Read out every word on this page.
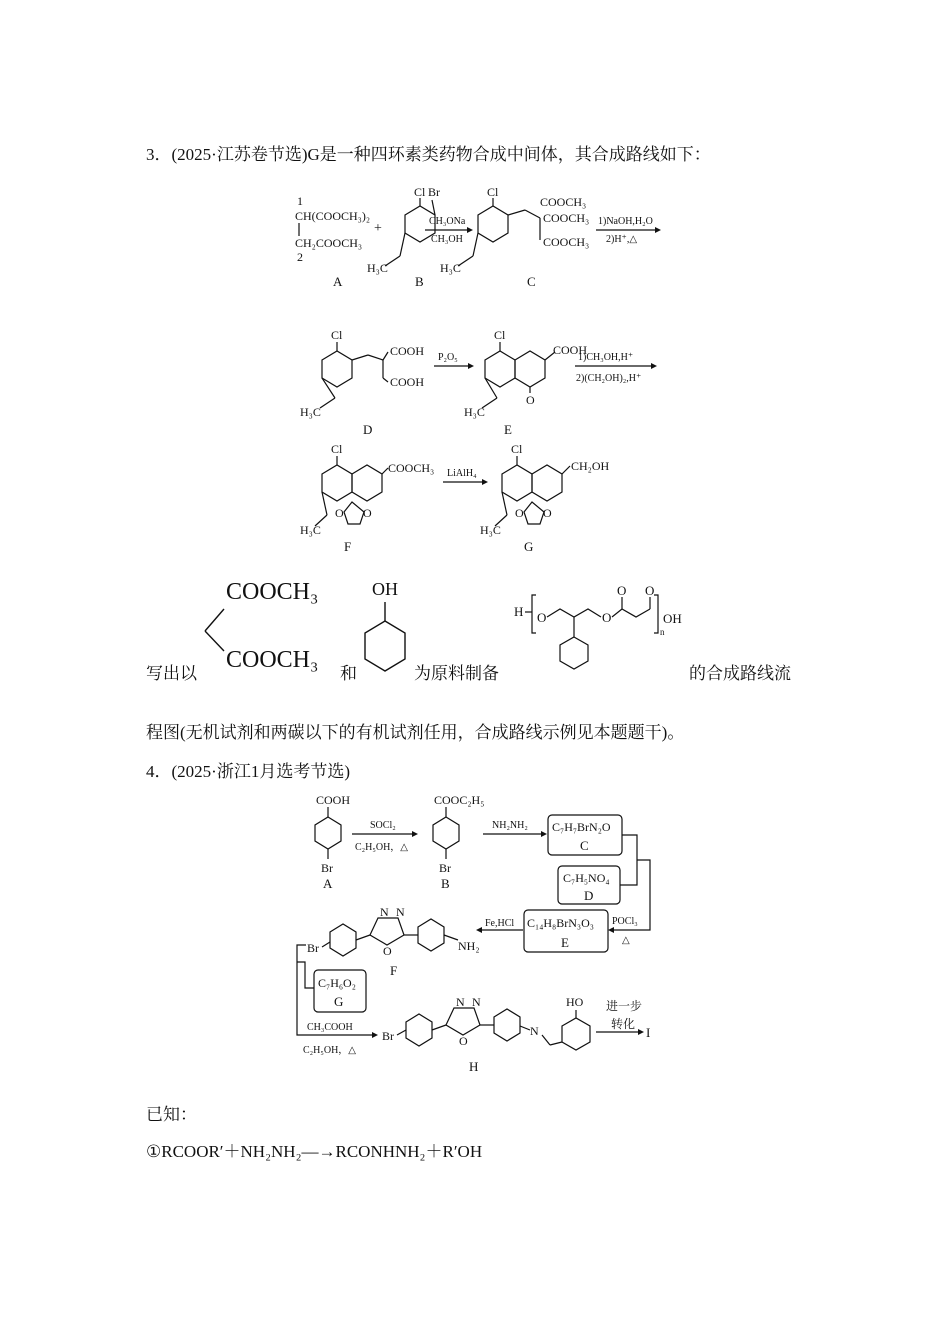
3．(2025·江苏卷节选)G是一种四环素类药物合成中间体，其合成路线如下：
1
CH(COOCH₃)₂
CH₂COOCH₃
2
A
+
Cl Br
H₃C
B
CH₃ONa
CH₃OH
Cl
COOCH₃
COOCH₃
COOCH₃
H₃C
C
1)NaOH,H₂O
2)H⁺,△
Cl
COOH
COOH
H₃C
D
P₂O₅
Cl
COOH
O
H₃C
E
1)CH₃OH,H⁺
2)(CH₂OH)₂,H⁺
Cl
COOCH₃
O O
H₃C
F
LiAlH₄
Cl
CH₂OH
O O
H₃C
G
COOCH₃
COOCH₃
OH
H O	O
O O
n
OH
写出以	和	为原料制备	的合成路线流
程图(无机试剂和两碳以下的有机试剂任用，合成路线示例见本题题干)。
4．(2025·浙江1月选考节选)
COOH
Br
A
SOCl₂
C₂H₅OH，△
COOC₂H₅
Br
B
NH₂NH₂ C₇H₇BrN₂O
C
C₇H₅NO₄
D
POCl₃
△
C₁₄H₈BrN₃O₃
E
Fe,HCl
Br
N N
O	NH₂
F
C₇H₆O₂
G
CH₃COOH
C₂H₅OH，△
Br
N N
O
N
HO
H
进一步
转化
I
已知：
①RCOOR′＋NH₂NH₂―→RCONHNH₂＋R′OH
